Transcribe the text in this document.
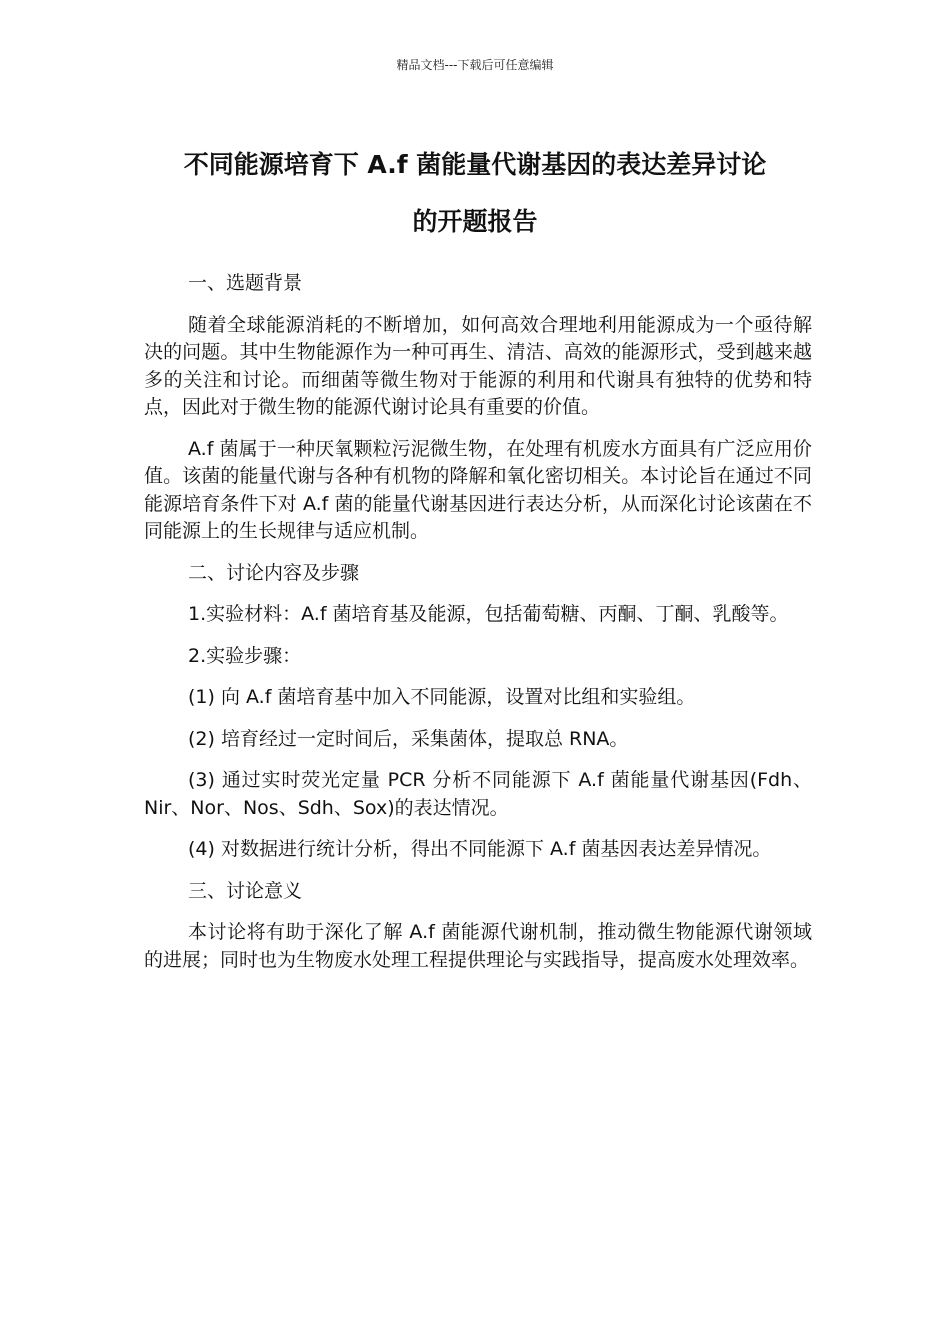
精品文档---下载后可任意编辑
不同能源培育下 A.f 菌能量代谢基因的表达差异讨论
的开题报告

一、选题背景

随着全球能源消耗的不断增加，如何高效合理地利用能源成为一个亟待解决的问题。其中生物能源作为一种可再生、清洁、高效的能源形式，受到越来越多的关注和讨论。而细菌等微生物对于能源的利用和代谢具有独特的优势和特点，因此对于微生物的能源代谢讨论具有重要的价值。

A.f 菌属于一种厌氧颗粒污泥微生物，在处理有机废水方面具有广泛应用价值。该菌的能量代谢与各种有机物的降解和氧化密切相关。本讨论旨在通过不同能源培育条件下对 A.f 菌的能量代谢基因进行表达分析，从而深化讨论该菌在不同能源上的生长规律与适应机制。

二、讨论内容及步骤

1.实验材料：A.f 菌培育基及能源，包括葡萄糖、丙酮、丁酮、乳酸等。

2.实验步骤：

(1) 向 A.f 菌培育基中加入不同能源，设置对比组和实验组。

(2) 培育经过一定时间后，采集菌体，提取总 RNA。

(3) 通过实时荧光定量 PCR 分析不同能源下 A.f 菌能量代谢基因(Fdh、Nir、Nor、Nos、Sdh、Sox)的表达情况。

(4) 对数据进行统计分析，得出不同能源下 A.f 菌基因表达差异情况。

三、讨论意义

本讨论将有助于深化了解 A.f 菌能源代谢机制，推动微生物能源代谢领域的进展；同时也为生物废水处理工程提供理论与实践指导，提高废水处理效率。
